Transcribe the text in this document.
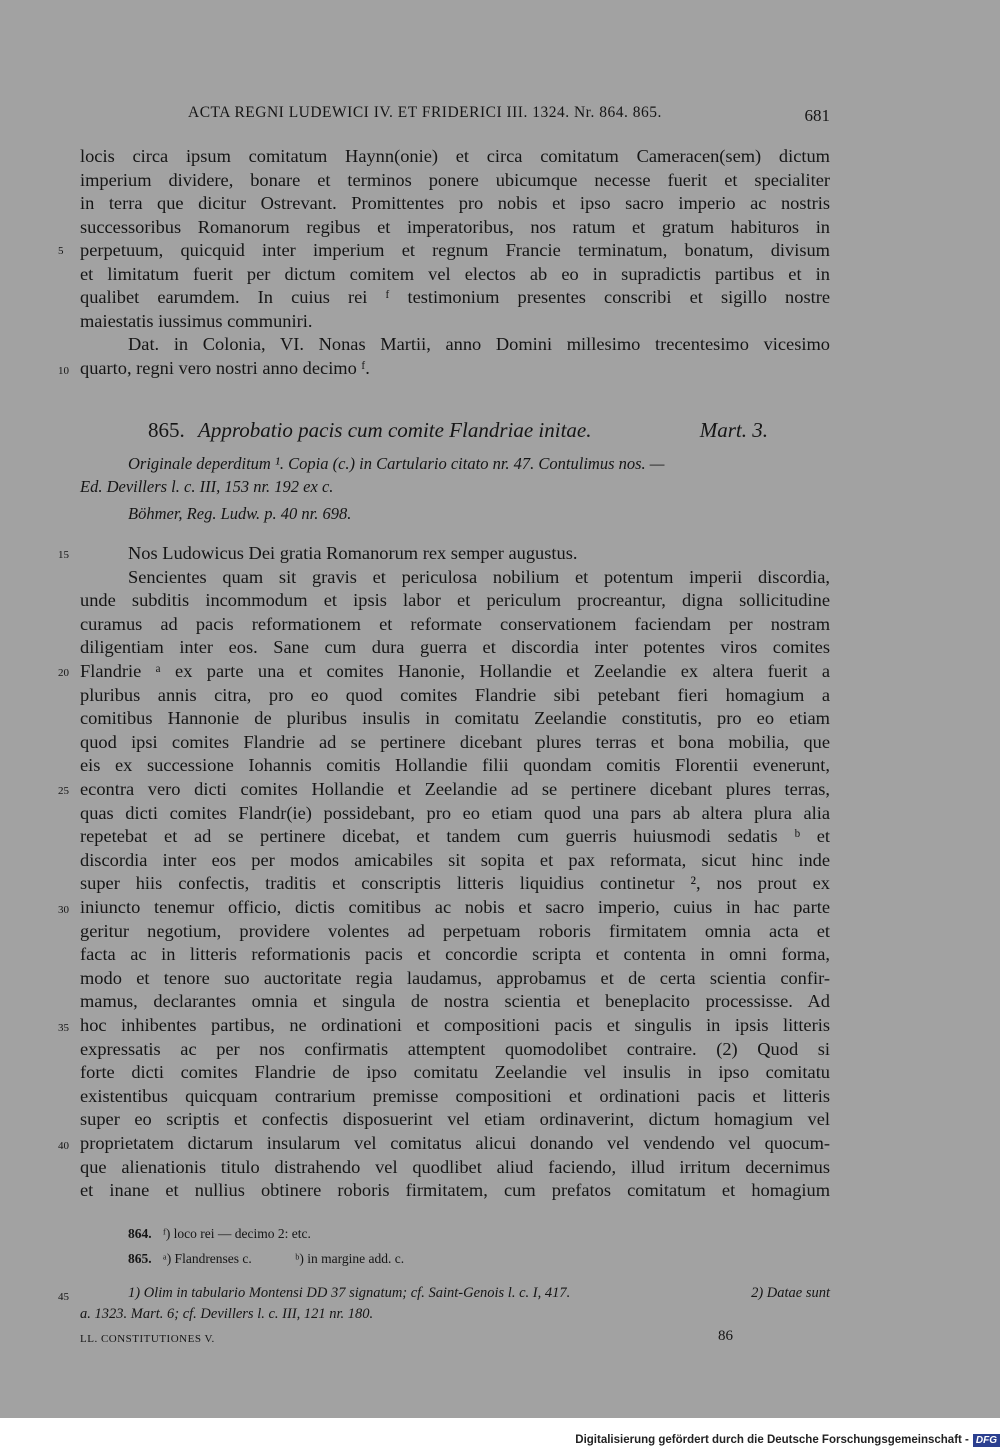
ACTA REGNI LUDEWICI IV. ET FRIDERICI III. 1324. Nr. 864. 865.	681
locis circa ipsum comitatum Haynn(onie) et circa comitatum Cameracen(sem) dictum
imperium dividere, bonare et terminos ponere ubicumque necesse fuerit et specialiter
in terra que dicitur Ostrevant. Promittentes pro nobis et ipso sacro imperio ac nostris
successoribus Romanorum regibus et imperatoribus, nos ratum et gratum habituros in
perpetuum, quicquid inter imperium et regnum Francie terminatum, bonatum, divisum
et limitatum fuerit per dictum comitem vel electos ab eo in supradictis partibus et in
qualibet earumdem. In cuius rei ᶠ testimonium presentes conscribi et sigillo nostre
maiestatis iussimus communiri.
Dat. in Colonia, VI. Nonas Martii, anno Domini millesimo trecentesimo vicesimo
quarto, regni vero nostri anno decimo ᶠ.
865. Approbatio pacis cum comite Flandriae initae.	Mart. 3.
Originale deperditum ¹. Copia (c.) in Cartulario citato nr. 47. Contulimus nos. —
Ed. Devillers l. c. III, 153 nr. 192 ex c.
Böhmer, Reg. Ludw. p. 40 nr. 698.
Nos Ludowicus Dei gratia Romanorum rex semper augustus.
Sencientes quam sit gravis et periculosa nobilium et potentum imperii discordia,
unde subditis incommodum et ipsis labor et periculum procreantur, digna sollicitudine
curamus ad pacis reformationem et reformate conservationem faciendam per nostram
diligentiam inter eos. Sane cum dura guerra et discordia inter potentes viros comites
Flandrie ᵃ ex parte una et comites Hanonie, Hollandie et Zeelandie ex altera fuerit a
pluribus annis citra, pro eo quod comites Flandrie sibi petebant fieri homagium a
comitibus Hannonie de pluribus insulis in comitatu Zeelandie constitutis, pro eo etiam
quod ipsi comites Flandrie ad se pertinere dicebant plures terras et bona mobilia, que
eis ex successione Iohannis comitis Hollandie filii quondam comitis Florentii evenerunt,
econtra vero dicti comites Hollandie et Zeelandie ad se pertinere dicebant plures terras,
quas dicti comites Flandr(ie) possidebant, pro eo etiam quod una pars ab altera plura alia
repetebat et ad se pertinere dicebat, et tandem cum guerris huiusmodi sedatis ᵇ et
discordia inter eos per modos amicabiles sit sopita et pax reformata, sicut hinc inde
super hiis confectis, traditis et conscriptis litteris liquidius continetur ², nos prout ex
iniuncto tenemur officio, dictis comitibus ac nobis et sacro imperio, cuius in hac parte
geritur negotium, providere volentes ad perpetuam roboris firmitatem omnia acta et
facta ac in litteris reformationis pacis et concordie scripta et contenta in omni forma,
modo et tenore suo auctoritate regia laudamus, approbamus et de certa scientia confir-
mamus, declarantes omnia et singula de nostra scientia et beneplacito processisse. Ad
hoc inhibentes partibus, ne ordinationi et compositioni pacis et singulis in ipsis litteris
expressatis ac per nos confirmatis attemptent quomodolibet contraire. (2) Quod si
forte dicti comites Flandrie de ipso comitatu Zeelandie vel insulis in ipso comitatu
existentibus quicquam contrarium premisse compositioni et ordinationi pacis et litteris
super eo scriptis et confectis disposuerint vel etiam ordinaverint, dictum homagium vel
proprietatem dictarum insularum vel comitatus alicui donando vel vendendo vel quocum-
que alienationis titulo distrahendo vel quodlibet aliud faciendo, illud irritum decernimus
et inane et nullius obtinere roboris firmitatem, cum prefatos comitatum et homagium
5
10
15
20
25
30
35
40
45
864. ᶠ) loco rei — decimo 2: etc.
865. ᵃ) Flandrenses c.	ᵇ) in margine add. c.
1) Olim in tabulario Montensi DD 37 signatum; cf. Saint-Genois l. c. I, 417.	2) Datae sunt
a. 1323. Mart. 6; cf. Devillers l. c. III, 121 nr. 180.
LL. CONSTITUTIONES V.	86
Digitalisierung gefördert durch die Deutsche Forschungsgemeinschaft - DFG
